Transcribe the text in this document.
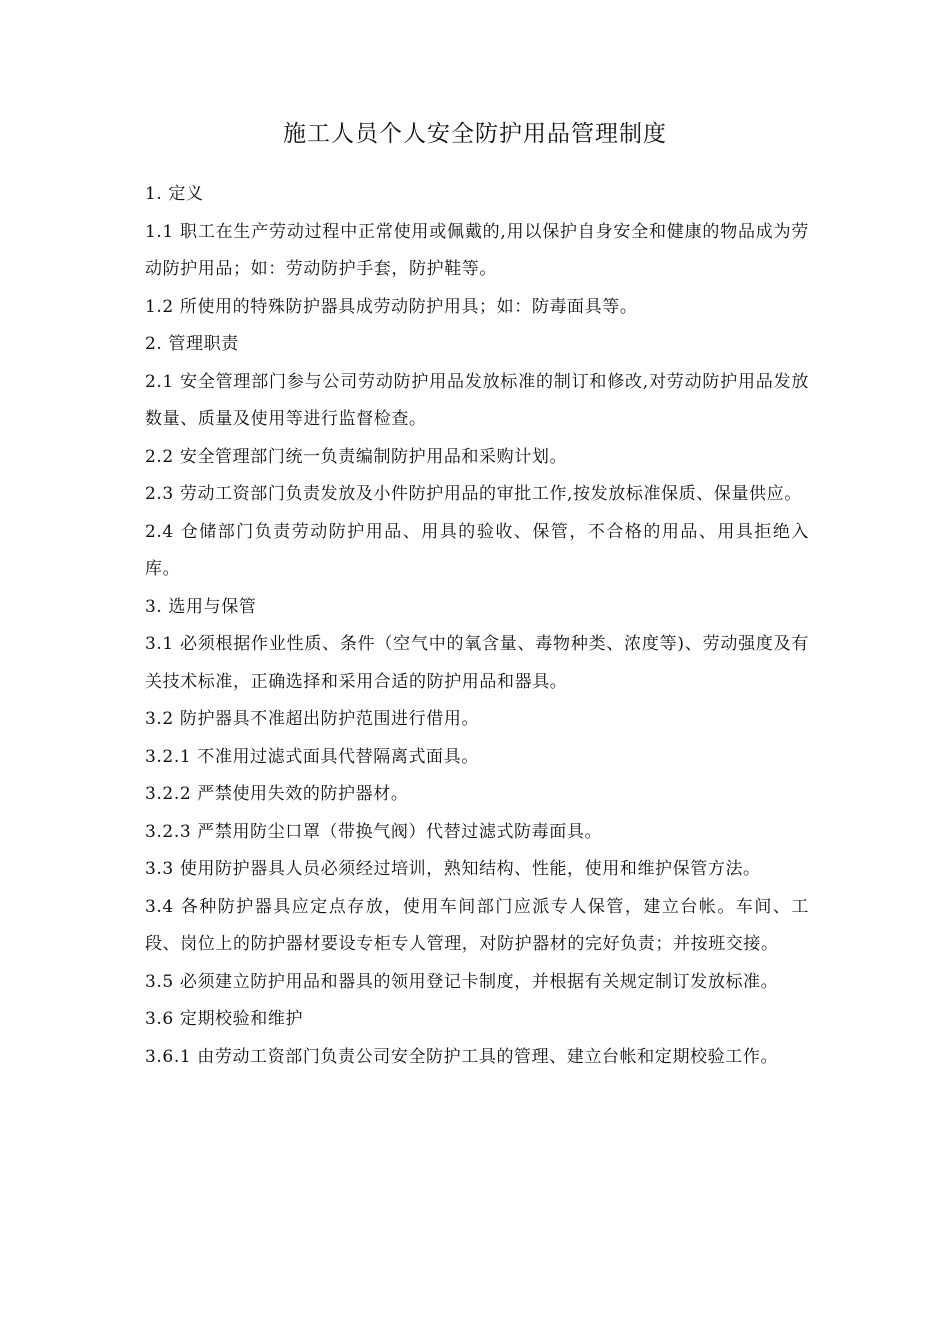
施工人员个人安全防护用品管理制度

1. 定义

1.1 职工在生产劳动过程中正常使用或佩戴的,用以保护自身安全和健康的物品成为劳动防护用品；如：劳动防护手套，防护鞋等。

1.2 所使用的特殊防护器具成劳动防护用具；如：防毒面具等。

2. 管理职责

2.1 安全管理部门参与公司劳动防护用品发放标准的制订和修改,对劳动防护用品发放数量、质量及使用等进行监督检查。

2.2 安全管理部门统一负责编制防护用品和采购计划。

2.3 劳动工资部门负责发放及小件防护用品的审批工作,按发放标准保质、保量供应。

2.4 仓储部门负责劳动防护用品、用具的验收、保管，不合格的用品、用具拒绝入库。

3. 选用与保管

3.1 必须根据作业性质、条件（空气中的氧含量、毒物种类、浓度等)、劳动强度及有关技术标准，正确选择和采用合适的防护用品和器具。

3.2 防护器具不准超出防护范围进行借用。

3.2.1 不准用过滤式面具代替隔离式面具。

3.2.2 严禁使用失效的防护器材。

3.2.3 严禁用防尘口罩（带换气阀）代替过滤式防毒面具。

3.3 使用防护器具人员必须经过培训，熟知结构、性能，使用和维护保管方法。

3.4 各种防护器具应定点存放，使用车间部门应派专人保管，建立台帐。车间、工段、岗位上的防护器材要设专柜专人管理，对防护器材的完好负责；并按班交接。

3.5 必须建立防护用品和器具的领用登记卡制度，并根据有关规定制订发放标准。

3.6 定期校验和维护

3.6.1 由劳动工资部门负责公司安全防护工具的管理、建立台帐和定期校验工作。
